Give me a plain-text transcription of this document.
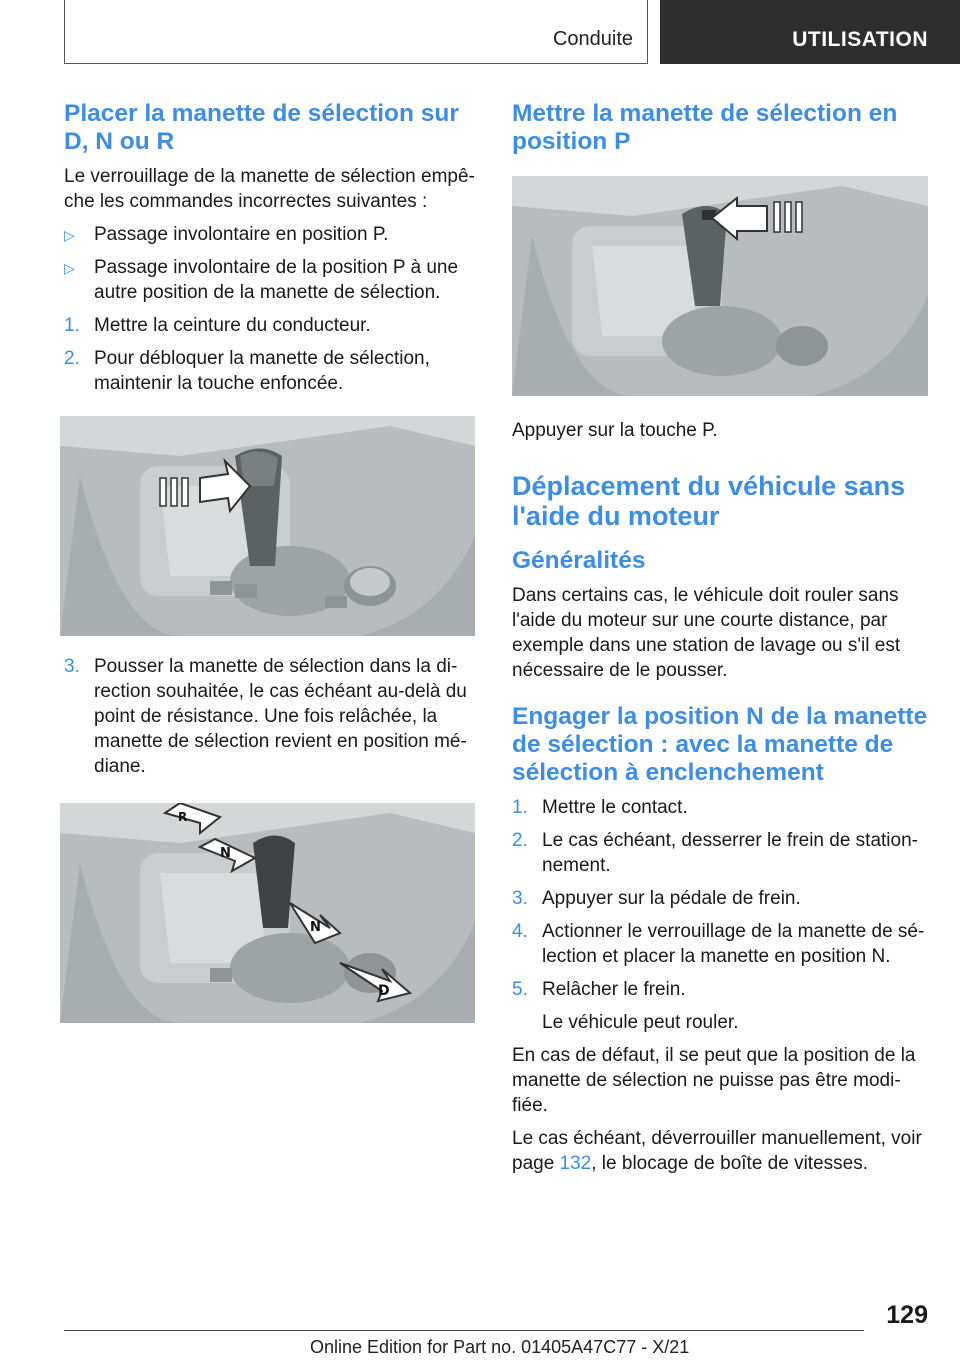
Conduite	UTILISATION
Placer la manette de sélection sur D, N ou R

Le verrouillage de la manette de sélection empê-che les commandes incorrectes suivantes :

▷ Passage involontaire en position P.
▷ Passage involontaire de la position P à une autre position de la manette de sélection.
1. Mettre la ceinture du conducteur.
2. Pour débloquer la manette de sélection, maintenir la touche enfoncée.
3. Pousser la manette de sélection dans la di-rection souhaitée, le cas échéant au-delà du point de résistance. Une fois relâchée, la manette de sélection revient en position mé-diane.
R
N
N
D
Mettre la manette de sélection en position P

Appuyer sur la touche P.

Déplacement du véhicule sans l'aide du moteur
Généralités

Dans certains cas, le véhicule doit rouler sans l'aide du moteur sur une courte distance, par exemple dans une station de lavage ou s'il est nécessaire de le pousser.

Engager la position N de la manette de sélection : avec la manette de sélection à enclenchement
1. Mettre le contact.
2. Le cas échéant, desserrer le frein de station-nement.
3. Appuyer sur la pédale de frein.
4. Actionner le verrouillage de la manette de sé-lection et placer la manette en position N.
5. Relâcher le frein.

Le véhicule peut rouler.

En cas de défaut, il se peut que la position de la manette de sélection ne puisse pas être modi-fiée.

Le cas échéant, déverrouiller manuellement, voir page 132, le blocage de boîte de vitesses.

129
Online Edition for Part no. 01405A47C77 - X/21
